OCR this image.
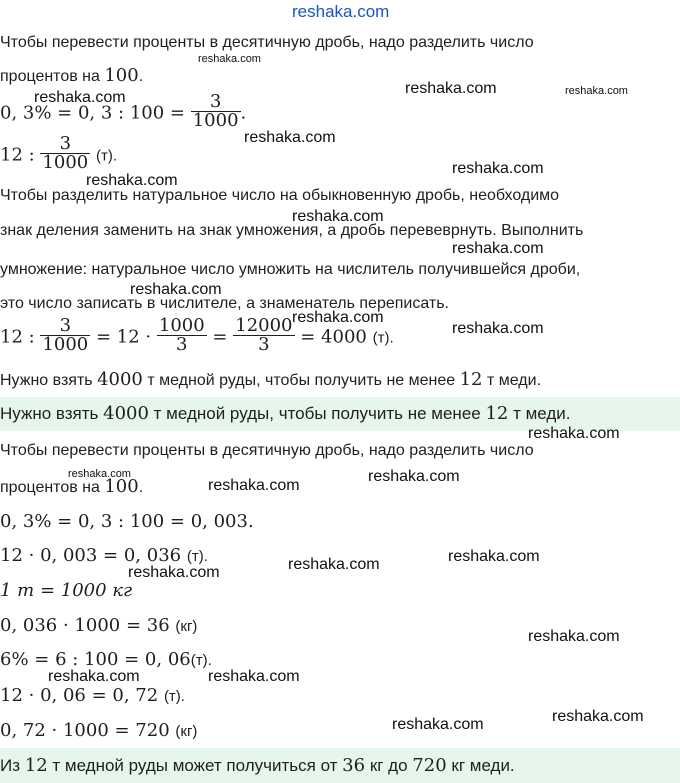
reshaka.com
Чтобы перевести проценты в десятичную дробь, надо разделить число
процентов на 100.
0, 3% = 0, 3 : $100 = \frac{3}{1000}$ .
12 : $\frac{3}{1000} (т)$.
Чтобы разделить натуральное число на обыкновенную дробь, необходимо
знак деления заменить на знак умножения, а дробь перевеврнуть. Выполнить
умножение: натуральное число умножить на числитель получившейся дроби,
это число записать в числителе, а знаменатель переписать.
12 : $\frac{3}{1000} = 12 \cdot \frac{1000}{3} = \frac{12000}{3} = 4000$ (т).
Нужно взять 4000 т медной руды, чтобы получить не менее 12 т меди.
Нужно взять 4000 т медной руды, чтобы получить не менее 12 т меди.
Чтобы перевести проценты в десятичную дробь, надо разделить число
процентов на 100.
0, 3% = 0, 3 : 100 = 0, 003.
12 · 0, 003 = 0, 036 (т).
1 т = 1000 кг
0, 036 · 1000 = 36 (кг)
6% = 6 : 100 = 0, 06(т).
12 · 0, 06 = 0, 72 (т).
0, 72 · 1000 = 720 (кг)
Из 12 т медной руды может получиться от 36 кг до 720 кг меди.
reshaka.com
reshaka.com	reshaka.com
reshaka.com
reshaka.com
reshaka.com
reshaka.com
reshaka.com
reshaka.com
reshaka.com
reshaka.com
reshaka.com
reshaka.com
reshaka.com	reshaka.com
reshaka.com
reshaka.com
reshaka.com
reshaka.com
reshaka.com
reshaka.com	reshaka.com
reshaka.com
reshaka.com
